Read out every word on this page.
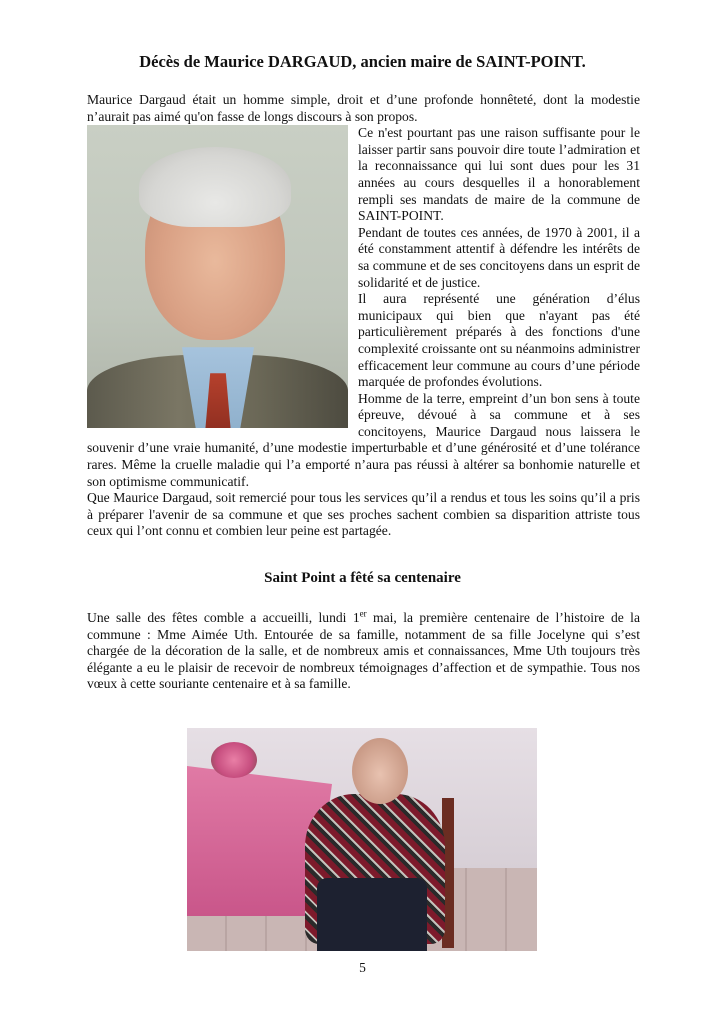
Décès de Maurice DARGAUD, ancien maire de SAINT-POINT.

Maurice Dargaud était un homme simple, droit et d’une profonde honnêteté, dont la modestie n’aurait pas aimé qu'on fasse de longs discours à son propos.

Ce n'est pourtant pas une raison suffisante pour le laisser partir sans pouvoir dire toute l’admiration et la reconnaissance qui lui sont dues pour les 31 années au cours desquelles il a honorablement rempli ses mandats de maire de la commune de SAINT-POINT.

Pendant de toutes ces années, de 1970 à 2001, il a été constamment attentif à défendre les intérêts de sa commune et de ses concitoyens dans un esprit de solidarité et de justice.

Il aura représenté une génération d’élus municipaux qui bien que n'ayant pas été particulièrement préparés à des fonctions d'une complexité croissante ont su néanmoins administrer efficacement leur commune au cours d’une période marquée de profondes évolutions.

Homme de la terre, empreint d’un bon sens à toute épreuve, dévoué à sa commune et à ses concitoyens, Maurice Dargaud nous laissera le souvenir d’une vraie humanité, d’une modestie imperturbable et d’une générosité et d’une tolérance rares. Même la cruelle maladie qui l’a emporté n’aura pas réussi à altérer sa bonhomie naturelle et son optimisme communicatif.

Que Maurice Dargaud, soit remercié pour tous les services qu’il a rendus et tous les soins qu’il a pris à préparer l'avenir de sa commune et que ses proches sachent combien sa disparition attriste tous ceux qui l’ont connu et combien leur peine est partagée.

Saint Point a fêté sa centenaire

Une salle des fêtes comble a accueilli, lundi 1er mai, la première centenaire de l’histoire de la commune : Mme Aimée Uth. Entourée de sa famille, notamment de sa fille Jocelyne qui s’est chargée de la décoration de la salle, et de nombreux amis et connaissances, Mme Uth toujours très élégante a eu le plaisir de recevoir de nombreux témoignages d’affection et de sympathie. Tous nos vœux à cette souriante centenaire et à sa famille.

5
